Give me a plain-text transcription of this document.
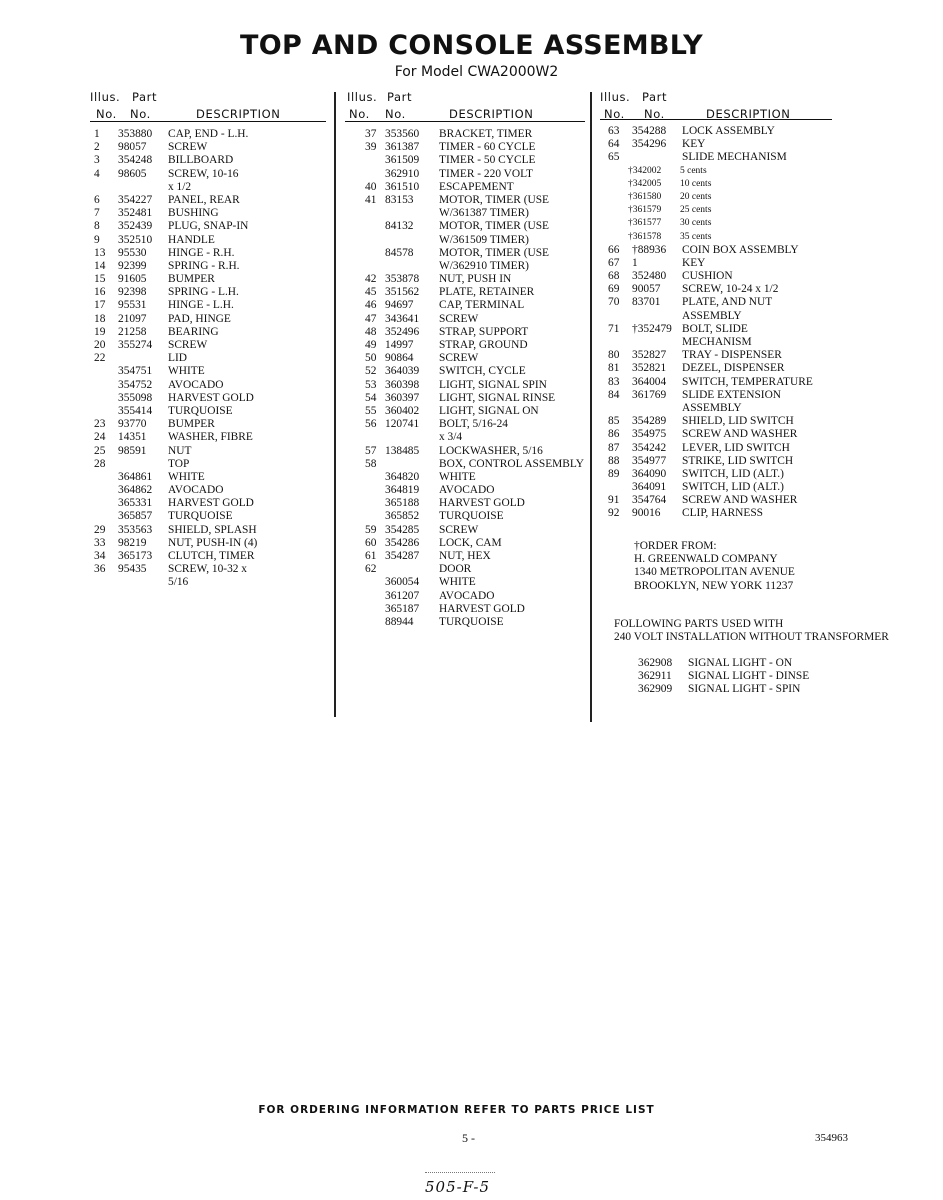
TOP AND CONSOLE ASSEMBLY
For Model CWA2000W2
Illus. Part
No. No.	DESCRIPTION
1 353880 CAP, END - L.H.
2 98057 SCREW
3 354248 BILLBOARD
4 98605 SCREW, 10-16
x 1/2
6 354227 PANEL, REAR
7 352481 BUSHING
8 352439 PLUG, SNAP-IN
9 352510 HANDLE
13 95530 HINGE - R.H.
14 92399 SPRING - R.H.
15 91605 BUMPER
16 92398 SPRING - L.H.
17 95531 HINGE - L.H.
18 21097 PAD, HINGE
19 21258 BEARING
20 355274 SCREW
22	LID
354751 WHITE
354752 AVOCADO
355098 HARVEST GOLD
355414 TURQUOISE
23 93770 BUMPER
24 14351 WASHER, FIBRE
25 98591 NUT
28	TOP
364861 WHITE
364862 AVOCADO
365331 HARVEST GOLD
365857 TURQUOISE
29 353563 SHIELD, SPLASH
33 98219 NUT, PUSH-IN (4)
34 365173 CLUTCH, TIMER
36 95435 SCREW, 10-32 x
5/16
Illus. Part
No. No.	DESCRIPTION
37 353560 BRACKET, TIMER
39 361387 TIMER - 60 CYCLE
361509 TIMER - 50 CYCLE
362910 TIMER - 220 VOLT
40 361510 ESCAPEMENT
41 83153 MOTOR, TIMER (USE
W/361387 TIMER)
84132 MOTOR, TIMER (USE
W/361509 TIMER)
84578 MOTOR, TIMER (USE
W/362910 TIMER)
42 353878 NUT, PUSH IN
45 351562 PLATE, RETAINER
46 94697 CAP, TERMINAL
47 343641 SCREW
48 352496 STRAP, SUPPORT
49 14997 STRAP, GROUND
50 90864 SCREW
52 364039 SWITCH, CYCLE
53 360398 LIGHT, SIGNAL SPIN
54 360397 LIGHT, SIGNAL RINSE
55 360402 LIGHT, SIGNAL ON
56 120741 BOLT, 5/16-24
x 3/4
57 138485 LOCKWASHER, 5/16
58	BOX, CONTROL ASSEMBLY
364820 WHITE
364819 AVOCADO
365188 HARVEST GOLD
365852 TURQUOISE
59 354285 SCREW
60 354286 LOCK, CAM
61 354287 NUT, HEX
62	DOOR
360054 WHITE
361207 AVOCADO
365187 HARVEST GOLD
88944 TURQUOISE
Illus. Part
No. No.	DESCRIPTION
63 354288 LOCK ASSEMBLY
64 354296 KEY
65	SLIDE MECHANISM
†342002 5 cents
†342005 10 cents
†361580 20 cents
†361579 25 cents
†361577 30 cents
†361578 35 cents
66 †88936 COIN BOX ASSEMBLY
67 1	KEY
68 352480 CUSHION
69 90057 SCREW, 10-24 x 1/2
70 83701 PLATE, AND NUT
ASSEMBLY
71 †352479 BOLT, SLIDE
MECHANISM
80 352827 TRAY - DISPENSER
81 352821 DEZEL, DISPENSER
83 364004 SWITCH, TEMPERATURE
84 361769 SLIDE EXTENSION
ASSEMBLY
85 354289 SHIELD, LID SWITCH
86 354975 SCREW AND WASHER
87 354242 LEVER, LID SWITCH
88 354977 STRIKE, LID SWITCH
89 364090 SWITCH, LID (ALT.)
364091 SWITCH, LID (ALT.)
91 354764 SCREW AND WASHER
92 90016 CLIP, HARNESS
†ORDER FROM:
H. GREENWALD COMPANY
1340 METROPOLITAN AVENUE
BROOKLYN, NEW YORK 11237
FOLLOWING PARTS USED WITH
240 VOLT INSTALLATION WITHOUT TRANSFORMER
362908 SIGNAL LIGHT - ON
362911 SIGNAL LIGHT - DINSE
362909 SIGNAL LIGHT - SPIN
FOR ORDERING INFORMATION REFER TO PARTS PRICE LIST
5 -	354963
505-F-5
